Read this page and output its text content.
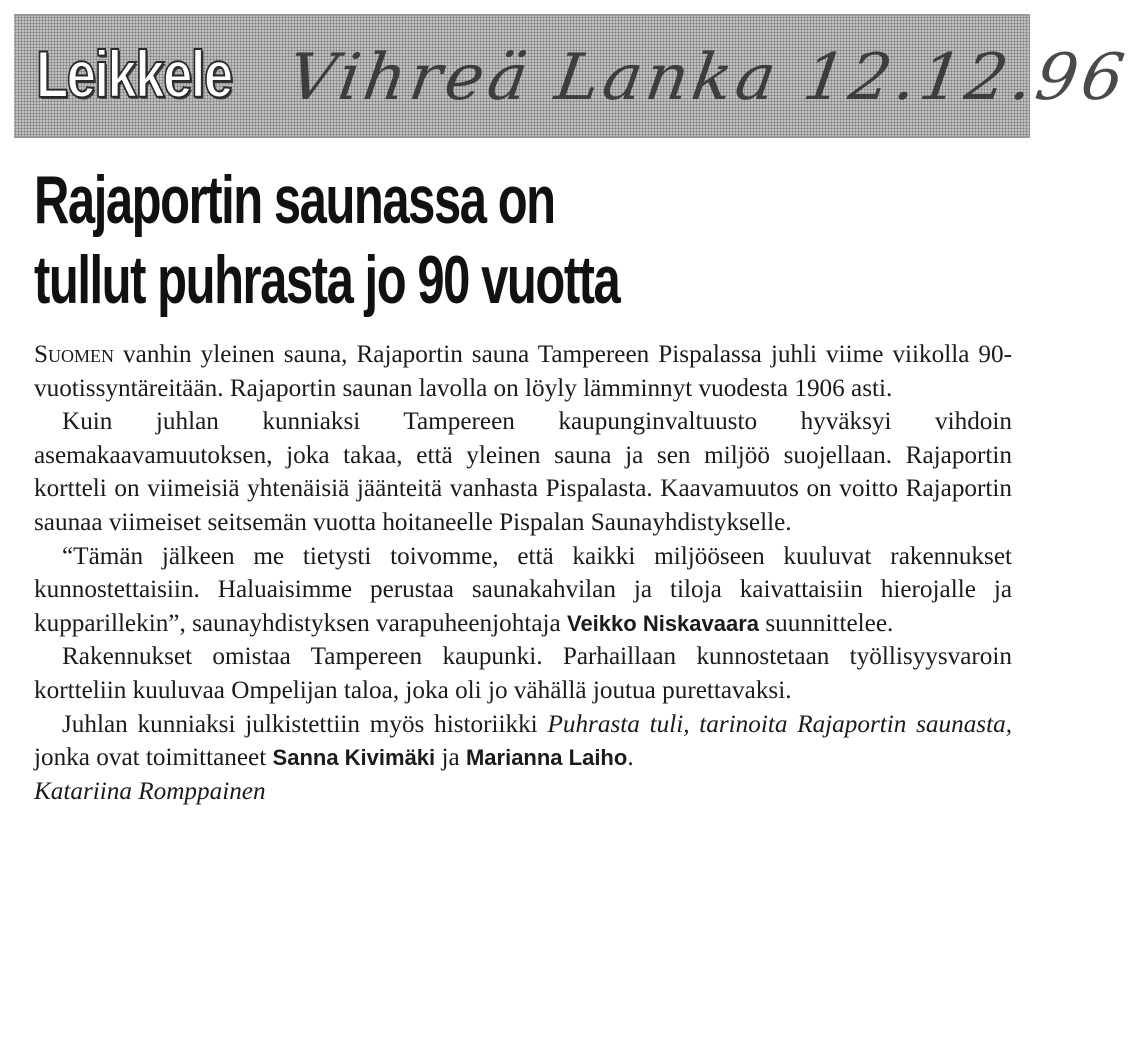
Leikkele Vihreä Lanka 12.12.96
Rajaportin saunassa on
tullut puhrasta jo 90 vuotta

Suomen vanhin yleinen sauna, Rajaportin sauna Tampereen Pispalassa juhli viime viikolla 90-vuotissyntäreitään. Rajaportin saunan lavolla on löyly lämminnyt vuodesta 1906 asti.

Kuin juhlan kunniaksi Tampereen kaupunginvaltuusto hyväksyi vihdoin asemakaavamuutoksen, joka takaa, että yleinen sauna ja sen miljöö suojellaan. Rajaportin kortteli on viimeisiä yhtenäisiä jäänteitä vanhasta Pispalasta. Kaavamuutos on voitto Rajaportin saunaa viimeiset seitsemän vuotta hoitaneelle Pispalan Saunayhdistykselle.

“Tämän jälkeen me tietysti toivomme, että kaikki miljööseen kuuluvat rakennukset kunnostettaisiin. Haluaisimme perustaa saunakahvilan ja tiloja kaivattaisiin hierojalle ja kupparillekin”, saunayhdistyksen varapuheenjohtaja Veikko Niskavaara suunnittelee.

Rakennukset omistaa Tampereen kaupunki. Parhaillaan kunnostetaan työllisyysvaroin kortteliin kuuluvaa Ompelijan taloa, joka oli jo vähällä joutua purettavaksi.

Juhlan kunniaksi julkistettiin myös historiikki Puhrasta tuli, tarinoita Rajaportin saunasta, jonka ovat toimittaneet Sanna Kivimäki ja Marianna Laiho.

Katariina Romppainen
